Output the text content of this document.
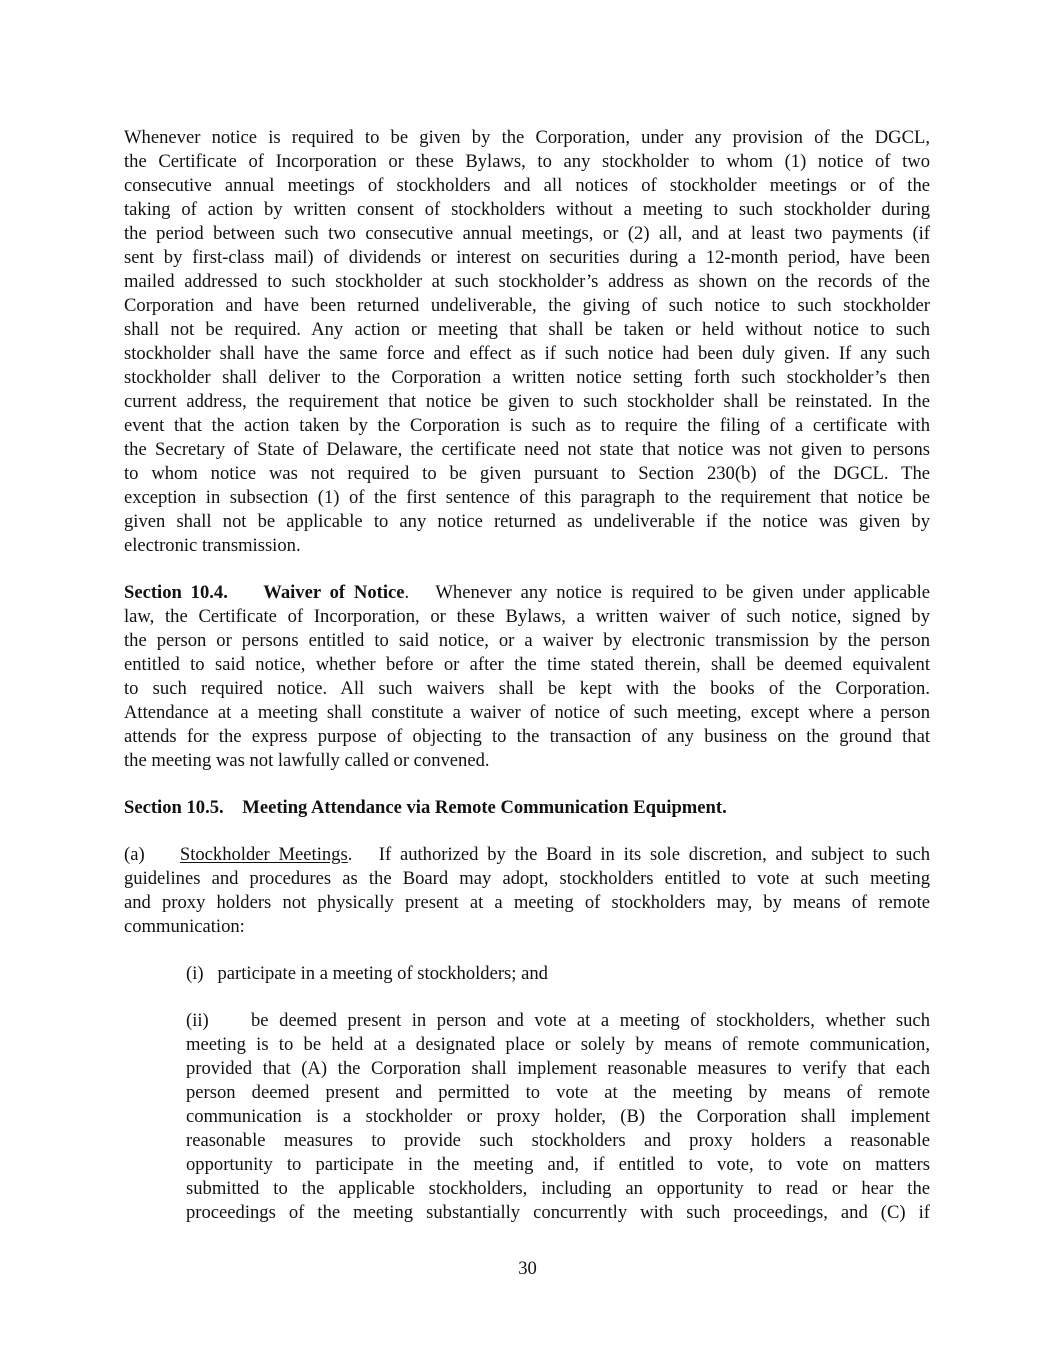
Whenever notice is required to be given by the Corporation, under any provision of the DGCL,
the Certificate of Incorporation or these Bylaws, to any stockholder to whom (1) notice of two
consecutive annual meetings of stockholders and all notices of stockholder meetings or of the
taking of action by written consent of stockholders without a meeting to such stockholder during
the period between such two consecutive annual meetings, or (2) all, and at least two payments (if
sent by first-class mail) of dividends or interest on securities during a 12-month period, have been
mailed addressed to such stockholder at such stockholder’s address as shown on the records of the
Corporation and have been returned undeliverable, the giving of such notice to such stockholder
shall not be required. Any action or meeting that shall be taken or held without notice to such
stockholder shall have the same force and effect as if such notice had been duly given. If any such
stockholder shall deliver to the Corporation a written notice setting forth such stockholder’s then
current address, the requirement that notice be given to such stockholder shall be reinstated. In the
event that the action taken by the Corporation is such as to require the filing of a certificate with
the Secretary of State of Delaware, the certificate need not state that notice was not given to persons
to whom notice was not required to be given pursuant to Section 230(b) of the DGCL. The
exception in subsection (1) of the first sentence of this paragraph to the requirement that notice be
given shall not be applicable to any notice returned as undeliverable if the notice was given by
electronic transmission.
Section 10.4. Waiver of Notice.   Whenever any notice is required to be given under applicable
law, the Certificate of Incorporation, or these Bylaws, a written waiver of such notice, signed by
the person or persons entitled to said notice, or a waiver by electronic transmission by the person
entitled to said notice, whether before or after the time stated therein, shall be deemed equivalent
to such required notice. All such waivers shall be kept with the books of the Corporation.
Attendance at a meeting shall constitute a waiver of notice of such meeting, except where a person
attends for the express purpose of objecting to the transaction of any business on the ground that
the meeting was not lawfully called or convened.
Section 10.5. Meeting Attendance via Remote Communication Equipment.
(a) Stockholder Meetings.   If authorized by the Board in its sole discretion, and subject to such
guidelines and procedures as the Board may adopt, stockholders entitled to vote at such meeting
and proxy holders not physically present at a meeting of stockholders may, by means of remote
communication:
(i)   participate in a meeting of stockholders; and
(ii)    be deemed present in person and vote at a meeting of stockholders, whether such
meeting is to be held at a designated place or solely by means of remote communication,
provided that (A) the Corporation shall implement reasonable measures to verify that each
person deemed present and permitted to vote at the meeting by means of remote
communication is a stockholder or proxy holder, (B) the Corporation shall implement
reasonable measures to provide such stockholders and proxy holders a reasonable
opportunity to participate in the meeting and, if entitled to vote, to vote on matters
submitted to the applicable stockholders, including an opportunity to read or hear the
proceedings of the meeting substantially concurrently with such proceedings, and (C) if
30
